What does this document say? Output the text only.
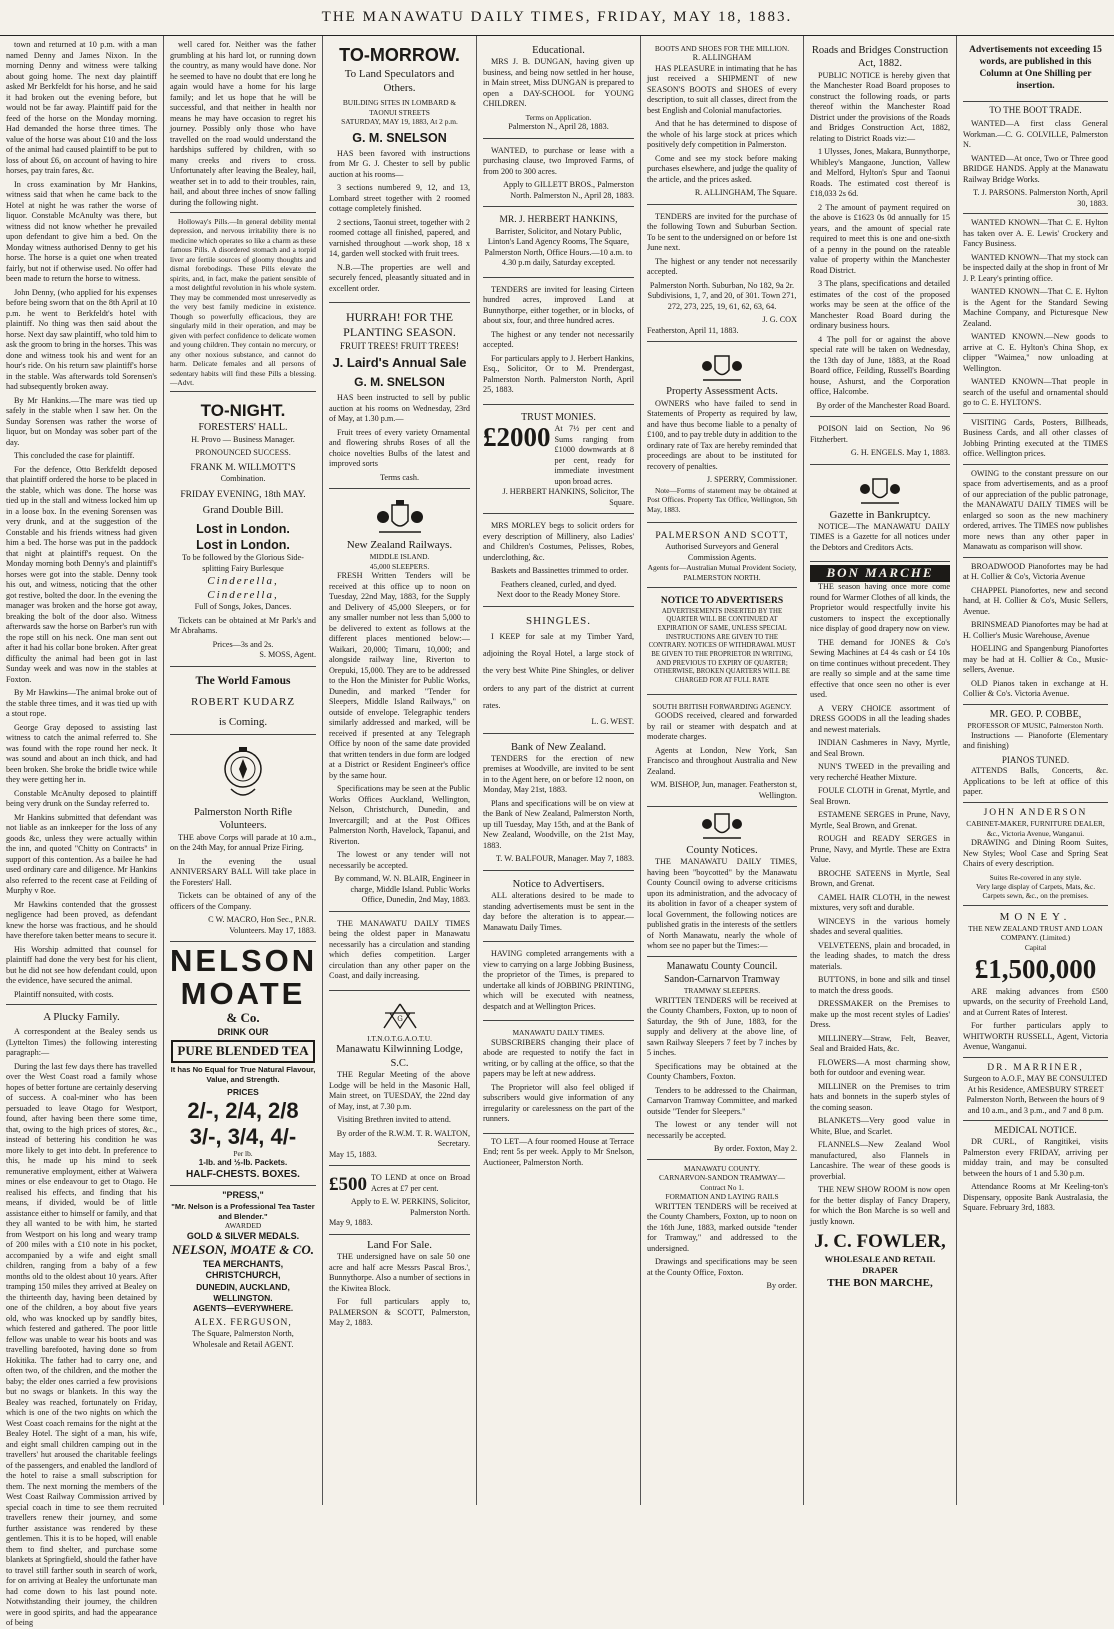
THE MANAWATU DAILY TIMES, FRIDAY, MAY 18, 1883.

town and returned at 10 p.m. with a man named Denny and James Nixon. In the morning Denny and witness were talking about going home. The next day plaintiff asked Mr Berkfeldt for his horse, and he said it had broken out the evening before, but would not be far away. Plaintiff paid for the feed of the horse on the Monday morning. Had demanded the horse three times. The value of the horse was about £10 and the loss of the animal had caused plaintiff to be put to loss of about £6, on account of having to hire horses, pay train fares, &c.

In cross examination by Mr Hankins, witness said that when he came back to the Hotel at night he was rather the worse of liquor. Constable McAnulty was there, but witness did not know whether he prevailed upon defendant to give him a bed. On the Monday witness authorised Denny to get his horse. The horse is a quiet one when treated fairly, but not if otherwise used. No offer had been made to return the horse to witness.

John Denny, (who applied for his expenses before being sworn that on the 8th April at 10 p.m. he went to Berkfeldt's hotel with plaintiff. No thing was then said about the horse. Next day saw plaintiff, who told him to ask the groom to bring in the horses. This was done and witness took his and went for an hour's ride. On his return saw plaintiff's horse in the stable. Was afterwards told Sorensen's had subsequently broken away.

By Mr Hankins.—The mare was tied up safely in the stable when I saw her. On the Sunday Sorensen was rather the worse of liquor, but on Monday was sober part of the day.

This concluded the case for plaintiff.

For the defence, Otto Berkfeldt deposed that plaintiff ordered the horse to be placed in the stable, which was done. The horse was tied up in the stall and witness locked him up in a loose box. In the evening Sorensen was very drunk, and at the suggestion of the Constable and his friends witness had given him a bed. The horse was put in the paddock that night at plaintiff's request. On the Monday morning both Denny's and plaintiff's horses were got into the stable. Denny took his out, and witness, noticing that the other got restive, bolted the door. In the evening the manager was broken and the horse got away, breaking the bolt of the door also. Witness afterwards saw the horse on Barber's run with the rope still on his neck. One man sent out after it had his collar bone broken. After great difficulty the animal had been got in last Sunday week and was now in the stables at Foxton.

By Mr Hawkins—The animal broke out of the stable three times, and it was tied up with a stout rope.

George Gray deposed to assisting last witness to catch the animal referred to. She was found with the rope round her neck. It was sound and about an inch thick, and had been broken. She broke the bridle twice while they were getting her in.

Constable McAnulty deposed to plaintiff being very drunk on the Sunday referred to.

Mr Hankins submitted that defendant was not liable as an innkeeper for the loss of any goods &c, unless they were actually within the inn, and quoted "Chitty on Contracts" in support of this contention. As a bailee he had used ordinary care and diligence. Mr Hankins also referred to the recent case at Feilding of Murphy v Roe.

Mr Hawkins contended that the grossest negligence had been proved, as defendant knew the horse was fractious, and he should have therefore taken better means to secure it.

His Worship admitted that counsel for plaintiff had done the very best for his client, but he did not see how defendant could, upon the evidence, have secured the animal.

Plaintiff nonsuited, with costs.

A Plucky Family.

A correspondent at the Bealey sends us (Lyttelton Times) the following interesting paragraph:—

During the last few days there has travelled over the West Coast road a family whose hopes of better fortune are certainly deserving of success. A coal-miner who has been persuaded to leave Otago for Westport, found, after having been there some time, that, owing to the high prices of stores, &c., instead of bettering his condition he was more likely to get into debt. In preference to this, he made up his mind to seek remunerative employment, either at Waiwera mines or else endeavour to get to Otago. He realised his effects, and finding that his means, if divided, would be of little assistance either to himself or family, and that they all wanted to be with him, he started from Westport on his long and weary tramp of 200 miles with a £10 note in his pocket, accompanied by a wife and eight small children, ranging from a baby of a few months old to the oldest about 10 years. After tramping 150 miles they arrived at Bealey on the thirteenth day, having been detained by one of the children, a boy about five years old, who was knocked up by sandfly bites, which festered and gathered. The poor little fellow was unable to wear his boots and was travelling barefooted, having done so from Hokitika. The father had to carry one, and often two, of the children, and the mother the baby; the elder ones carried a few provisions but no swags or blankets. In this way the Bealey was reached, fortunately on Friday, which is one of the two nights on which the West Coast coach remains for the night at the Bealey Hotel. The sight of a man, his wife, and eight small children camping out in the travellers' hut aroused the charitable feelings of the passengers, and enabled the landlord of the hotel to raise a small subscription for them. The next morning the members of the West Coast Railway Commission arrived by special coach in time to see them recruited travellers renew their journey, and some further assistance was rendered by these gentlemen. This it is to be hoped, will enable them to find shelter, and purchase some blankets at Springfield, should the father have to travel still farther south in search of work, for on arriving at Bealey the unfortunate man had come down to his last pound note. Notwithstanding their journey, the children were in good spirits, and had the appearance of being

well cared for. Neither was the father grumbling at his hard lot, or running down the country, as many would have done. Nor he seemed to have no doubt that ere long he again would have a home for his large family; and let us hope that he will be successful, and that neither in health nor means he may have occasion to regret his journey. Possibly only those who have travelled on the road would understand the hardships suffered by children, with so many creeks and rivers to cross. Unfortunately after leaving the Bealey, hail, weather set in to add to their troubles, rain, hail, and about three inches of snow falling during the following night.

Holloway's Pills.—In general debility mental depression, and nervous irritability there is no medicine which operates so like a charm as these famous Pills. A disordered stomach and a torpid liver are fertile sources of gloomy thoughts and dismal forebodings. These Pills elevate the spirits, and, in fact, make the patient sensible of a most delightful revolution in his whole system. They may be commended most unreservedly as the very best family medicine in existence. Though so powerfully efficacious, they are singularly mild in their operation, and may be given with perfect confidence to delicate women and young children. They contain no mercury, or any other noxious substance, and cannot do harm. Delicate females and all persons of sedentary habits will find these Pills a blessing.—Advt.

TO-NIGHT.
FORESTERS' HALL.
H. Provo — Business Manager.
PRONOUNCED SUCCESS.
FRANK M. WILLMOTT'S
Combination.
FRIDAY EVENING, 18th MAY.
Grand Double Bill.
Lost in London.
Lost in London.
To be followed by the Glorious Side-splitting Fairy Burlesque
Cinderella,
Cinderella,
Full of Songs, Jokes, Dances.

Tickets can be obtained at Mr Park's and Mr Abrahams.

Prices—3s and 2s.
S. MOSS, Agent.
The World Famous
ROBERT KUDARZ
is Coming.
Palmerston North Rifle Volunteers.

THE above Corps will parade at 10 a.m., on the 24th May, for annual Prize Firing.

In the evening the usual ANNIVERSARY BALL Will take place in the Foresters' Hall.

Tickets can be obtained of any of the officers of the Company.

C W. MACRO, Hon Sec., P.N.R. Volunteers. May 17, 1883.
NELSON
MOATE
& Co.
DRINK OUR
PURE BLENDED TEA
It has No Equal for True Natural Flavour, Value, and Strength.
PRICES
2/-, 2/4, 2/8
3/-, 3/4, 4/-
Per lb.
1-lb. and ½-lb. Packets.
HALF-CHESTS. BOXES.
"PRESS,"
"Mr. Nelson is a Professional Tea Taster and Blender."
AWARDED
GOLD & SILVER MEDALS.
NELSON, MOATE & CO.
TEA MERCHANTS,
CHRISTCHURCH,
DUNEDIN, AUCKLAND, WELLINGTON.
AGENTS—EVERYWHERE.
ALEX. FERGUSON,
The Square, Palmerston North,
Wholesale and Retail AGENT.
TO-MORROW.
To Land Speculators and Others.
BUILDING SITES IN LOMBARD & TAONUI STREETS
SATURDAY, MAY 19, 1883, At 2 p.m.
G. M. SNELSON

HAS been favored with instructions from Mr G. J. Chester to sell by public auction at his rooms—

3 sections numbered 9, 12, and 13, Lombard street together with 2 roomed cottage completely finished.

2 sections, Taonui street, together with 2 roomed cottage all finished, papered, and varnished throughout —work shop, 18 x 14, garden well stocked with fruit trees.

N.B.—The properties are well and securely fenced, pleasantly situated and in excellent order.

HURRAH! FOR THE PLANTING SEASON.
FRUIT TREES! FRUIT TREES!
J. Laird's Annual Sale
G. M. SNELSON

HAS been instructed to sell by public auction at his rooms on Wednesday, 23rd of May, at 1.30 p.m.—

Fruit trees of every variety Ornamental and flowering shrubs Roses of all the choice novelties Bulbs of the latest and improved sorts

Terms cash.
New Zealand Railways.
MIDDLE ISLAND.
45,000 SLEEPERS.

FRESH Written Tenders will be received at this office up to noon on Tuesday, 22nd May, 1883, for the Supply and Delivery of 45,000 Sleepers, or for any smaller number not less than 5,000 to be delivered to extent as follows at the different places mentioned below:—Waikari, 20,000; Timaru, 10,000; and alongside railway line, Riverton to Orepuki, 15,000. They are to be addressed to the Hon the Minister for Public Works, Dunedin, and marked "Tender for Sleepers, Middle Island Railways," on outside of envelope. Telegraphic tenders similarly addressed and marked, will be received if presented at any Telegraph Office by noon of the same date provided that written tenders in due form are lodged at a District or Resident Engineer's office by the same hour.

Specifications may be seen at the Public Works Offices Auckland, Wellington, Nelson, Christchurch, Dunedin, and Invercargill; and at the Post Offices Palmerston North, Havelock, Tapanui, and Riverton.

The lowest or any tender will not necessarily be accepted.

By command, W. N. BLAIR, Engineer in charge, Middle Island. Public Works Office, Dunedin, 2nd May, 1883.

THE MANAWATU DAILY TIMES being the oldest paper in Manawatu necessarily has a circulation and standing which defies competition. Larger circulation than any other paper on the Coast, and daily increasing.

G
I.T.N.O.T.G.A.O.T.U.
Manawatu Kilwinning Lodge, S.C.

THE Regular Meeting of the above Lodge will be held in the Masonic Hall, Main street, on TUESDAY, the 22nd day of May, inst, at 7.30 p.m.

Visiting Brethren invited to attend.

By order of the R.W.M. T. R. WALTON, Secretary.
May 15, 1883.
£500 TO LEND at once on Broad Acres at £7 per cent.
Apply to E. W. PERKINS, Solicitor, Palmerston North.
May 9, 1883.
Land For Sale.

THE undersigned have on sale 50 one acre and half acre Messrs Pascal Bros.', Bunnythorpe. Also a number of sections in the Kiwitea Block.

For full particulars apply to, PALMERSON & SCOTT, Palmerston, May 2, 1883.

Educational.

MRS J. B. DUNGAN, having given up business, and being now settled in her house, in Main street, Miss DUNGAN is prepared to open a DAY-SCHOOL for YOUNG CHILDREN.

Terms on Application.
Palmerston N., April 28, 1883.

WANTED, to purchase or lease with a purchasing clause, two Improved Farms, of from 200 to 300 acres.

Apply to GILLETT BROS., Palmerston North. Palmerston N., April 28, 1883.
MR. J. HERBERT HANKINS,

Barrister, Solicitor, and Notary Public, Linton's Land Agency Rooms, The Square, Palmerston North, Office Hours.—10 a.m. to 4.30 p.m daily, Saturday excepted.

TENDERS are invited for leasing Cirteen hundred acres, improved Land at Bunnythorpe, either together, or in blocks, of about six, four, and three hundred acres.

The highest or any tender not necessarily accepted.

For particulars apply to J. Herbert Hankins, Esq., Solicitor, Or to M. Prendergast, Palmerston North. Palmerston North, April 25, 1883.

TRUST MONIES.
£2000 At 7½ per cent and Sums ranging from £1000 downwards at 8 per cent, ready for immediate investment upon broad acres.
J. HERBERT HANKINS, Solicitor, The Square.

MRS MORLEY begs to solicit orders for every description of Millinery, also Ladies' and Children's Costumes, Pelisses, Robes, underclothing, &c.

Baskets and Bassinettes trimmed to order.

Feathers cleaned, curled, and dyed.
Next door to the Ready Money Store.
SHINGLES.

I KEEP for sale at my Timber Yard, adjoining the Royal Hotel, a large stock of the very best White Pine Shingles, or deliver orders to any part of the district at current rates.

L. G. WEST.
Bank of New Zealand.

TENDERS for the erection of new premises at Woodville, are invited to be sent in to the Agent here, on or before 12 noon, on Monday, May 21st, 1883.

Plans and specifications will be on view at the Bank of New Zealand, Palmerston North, up till Tuesday, May 15th, and at the Bank of New Zealand, Woodville, on the 21st May, 1883.

T. W. BALFOUR, Manager. May 7, 1883.
Notice to Advertisers.

ALL alterations desired to be made to standing advertisements must be sent in the day before the alteration is to appear.—Manawatu Daily Times.

HAVING completed arrangements with a view to carrying on a large Jobbing Business, the proprietor of the Times, is prepared to undertake all kinds of JOBBING PRINTING, which will be executed with neatness, despatch and at Wellington Prices.

MANAWATU DAILY TIMES.

SUBSCRIBERS changing their place of abode are requested to notify the fact in writing, or by calling at the office, so that the papers may be left at new address.

The Proprietor will also feel obliged if subscribers would give information of any irregularity or carelessness on the part of the runners.

TO LET—A four roomed House at Terrace End; rent 5s per week. Apply to Mr Snelson, Auctioneer, Palmerston North.

BOOTS AND SHOES FOR THE MILLION.
R. ALLINGHAM

HAS PLEASURE in intimating that he has just received a SHIPMENT of new SEASON'S BOOTS and SHOES of every description, to suit all classes, direct from the best English and Colonial manufactories.

And that he has determined to dispose of the whole of his large stock at prices which positively defy competition in Palmerston.

Come and see my stock before making purchases elsewhere, and judge the quality of the article, and the prices asked.

R. ALLINGHAM, The Square.

TENDERS are invited for the purchase of the following Town and Suburban Section. To be sent to the undersigned on or before 1st June next.

The highest or any tender not necessarily accepted.

Palmerston North. Suburban, No 182, 9a 2r. Subdivisions, 1, 7, and 20, of 301. Town 271, 272, 273, 225, 19, 61, 62, 63, 64.

J. G. COX
Featherston, April 11, 1883.
Property Assessment Acts.

OWNERS who have failed to send in Statements of Property as required by law, and have thus become liable to a penalty of £100, and to pay treble duty in addition to the ordinary rate of Tax are hereby reminded that proceedings are about to be instituted for recovery of penalties.

J. SPERRY, Commissioner.

Note—Forms of statement may be obtained at Post Offices. Property Tax Office, Wellington, 5th May, 1883.

PALMERSON AND SCOTT,
Authorised Surveyors and General Commission Agents.
Agents for—Australian Mutual Provident Society, PALMERSTON NORTH.
NOTICE TO ADVERTISERS

ADVERTISEMENTS INSERTED BY THE QUARTER WILL BE CONTINUED AT EXPIRATION OF SAME, UNLESS SPECIAL INSTRUCTIONS ARE GIVEN TO THE CONTRARY. NOTICES OF WITHDRAWAL MUST BE GIVEN TO THE PROPRIETOR IN WRITING, AND PREVIOUS TO EXPIRY OF QUARTER; OTHERWISE, BROKEN QUARTERS WILL BE CHARGED FOR AT FULL RATE

SOUTH BRITISH FORWARDING AGENCY.

GOODS received, cleared and forwarded by rail or steamer with despatch and at moderate charges.

Agents at London, New York, San Francisco and throughout Australia and New Zealand.

WM. BISHOP, Jun, manager. Featherston st, Wellington.
County Notices.

THE MANAWATU DAILY TIMES, having been "boycotted" by the Manawatu County Council owing to adverse criticisms upon its administration, and the advocacy of its abolition in favor of a cheaper system of local Government, the following notices are published gratis in the interests of the settlers of North Manawatu, nearly the whole of whom see no paper but the Times:—

Manawatu County Council.
Sandon-Carnarvon Tramway
TRAMWAY SLEEPERS.

WRITTEN TENDERS will be received at the County Chambers, Foxton, up to noon of Saturday, the 9th of June, 1883, for the supply and delivery at the above line, of sawn Railway Sleepers 7 feet by 7 inches by 5 inches.

Specifications may be obtained at the County Chambers, Foxton.

Tenders to be addressed to the Chairman, Carnarvon Tramway Committee, and marked outside "Tender for Sleepers."

The lowest or any tender will not necessarily be accepted.

By order. Foxton, May 2.
MANAWATU COUNTY.
CARNARVON-SANDON TRAMWAY—Contract No 1.
FORMATION AND LAYING RAILS

WRITTEN TENDERS will be received at the County Chambers, Foxton, up to noon on the 16th June, 1883, marked outside "tender for Tramway," and addressed to the undersigned.

Drawings and specifications may be seen at the County Office, Foxton.

By order.
Roads and Bridges Construction Act, 1882.

PUBLIC NOTICE is hereby given that the Manchester Road Board proposes to construct the following roads, or parts thereof within the Manchester Road District under the provisions of the Roads and Bridges Construction Act, 1882, relating to District Roads viz:—

1 Ulysses, Jones, Makara, Bunnythorpe, Whibley's Mangaone, Junction, Vallew and Melford, Hylton's Spur and Taonui Roads. The estimated cost thereof is £18,033 2s 6d.

2 The amount of payment required on the above is £1623 0s 0d annually for 15 years, and the amount of special rate required to meet this is one and one-sixth of a penny in the pound on the rateable value of property within the Manchester Road District.

3 The plans, specifications and detailed estimates of the cost of the proposed works may be seen at the office of the Manchester Road Board during the ordinary business hours.

4 The poll for or against the above special rate will be taken on Wednesday, the 13th day of June, 1883, at the Road Board office, Feilding, Russell's Boarding house, Ashurst, and the Corporation office, Halcombe.

By order of the Manchester Road Board.

POISON laid on Section, No 96 Fitzherbert.

G. H. ENGELS. May 1, 1883.
Gazette in Bankruptcy.

NOTICE—The MANAWATU DAILY TIMES is a Gazette for all notices under the Debtors and Creditors Acts.

BON MARCHE

THE season having once more come round for Warmer Clothes of all kinds, the Proprietor would respectfully invite his customers to inspect the exceptionally nice display of good drapery now on view.

THE demand for JONES & Co's Sewing Machines at £4 4s cash or £4 10s on time continues without precedent. They are really so simple and at the same time effective that once seen no other is ever used.

A VERY CHOICE assortment of DRESS GOODS in all the leading shades and newest materials.

INDIAN Cashmeres in Navy, Myrtle, and Seal Brown.

NUN'S TWEED in the prevailing and very recherché Heather Mixture.

FOULE CLOTH in Grenat, Myrtle, and Seal Brown.

ESTAMENE SERGES in Prune, Navy, Myrtle, Seal Brown, and Grenat.

ROUGH and READY SERGES in Prune, Navy, and Myrtle. These are Extra Value.

BROCHE SATEENS in Myrtle, Seal Brown, and Grenat.

CAMEL HAIR CLOTH, in the newest mixtures, very soft and durable.

WINCEYS in the various homely shades and several qualities.

VELVETEENS, plain and brocaded, in the leading shades, to match the dress materials.

BUTTONS, in bone and silk and tinsel to match the dress goods.

DRESSMAKER on the Premises to make up the most recent styles of Ladies' Dress.

MILLINERY—Straw, Felt, Beaver, Seal and Braided Hats, &c.

FLOWERS—A most charming show, both for outdoor and evening wear.

MILLINER on the Premises to trim hats and bonnets in the superb styles of the coming season.

BLANKETS—Very good value in White, Blue, and Scarlet.

FLANNELS—New Zealand Wool manufactured, also Flannels in Lancashire. The wear of these goods is proverbial.

THE NEW SHOW ROOM is now open for the better display of Fancy Drapery, for which the Bon Marche is so well and justly known.

J. C. FOWLER,
WHOLESALE AND RETAIL DRAPER
THE BON MARCHE,

Advertisements not exceeding 15 words, are published in this Column at One Shilling per insertion.

TO THE BOOT TRADE.

WANTED—A first class General Workman.—C. G. COLVILLE, Palmerston N.

WANTED—At once, Two or Three good BRIDGE HANDS. Apply at the Manawatu Railway Bridge Works.

T. J. PARSONS. Palmerston North, April 30, 1883.

WANTED KNOWN—That C. E. Hylton has taken over A. E. Lewis' Crockery and Fancy Business.

WANTED KNOWN—That my stock can be inspected daily at the shop in front of Mr J. P. Leary's printing office.

WANTED KNOWN—That C. E. Hylton is the Agent for the Standard Sewing Machine Company, and Picturesque New Zealand.

WANTED KNOWN.—New goods to arrive at C. E. Hylton's China Shop, ex clipper "Waimea," now unloading at Wellington.

WANTED KNOWN—That people in search of the useful and ornamental should go to C. E. HYLTON'S.

VISITING Cards, Posters, Billheads, Business Cards, and all other classes of Jobbing Printing executed at the TIMES office. Wellington prices.

OWING to the constant pressure on our space from advertisements, and as a proof of our appreciation of the public patronage, the MANAWATU DAILY TIMES will be enlarged so soon as the new machinery ordered, arrives. The TIMES now publishes more news than any other paper in Manawatu as comparison will show.

BROADWOOD Pianofortes may be had at H. Collier & Co's, Victoria Avenue

CHAPPEL Pianofortes, new and second hand, at H. Collier & Co's, Music Sellers, Avenue.

BRINSMEAD Pianofortes may be had at H. Collier's Music Warehouse, Avenue

HOELING and Spangenburg Pianofortes may be had at H. Collier & Co., Music-sellers, Avenue.

OLD Pianos taken in exchange at H. Collier & Co's. Victoria Avenue.

MR. GEO. P. COBBE,
PROFESSOR OF MUSIC, Palmerston North.

Instructions — Pianoforte (Elementary and finishing)

PIANOS TUNED.

ATTENDS Balls, Concerts, &c. Applications to be left at office of this paper.

JOHN ANDERSON
CABINET-MAKER, FURNITURE DEALER, &c., Victoria Avenue, Wanganui.

DRAWING and Dining Room Suites, New Styles; Wool Case and Spring Seat Chairs of every description.

Suites Re-covered in any style.
Very large display of Carpets, Mats, &c.
Carpets sewn, &c., on the premises.
MONEY.
THE NEW ZEALAND TRUST AND LOAN COMPANY. (Limited.)
Capital
£1,500,000

ARE making advances from £500 upwards, on the security of Freehold Land, and at Current Rates of Interest.

For further particulars apply to WHITWORTH RUSSELL, Agent, Victoria Avenue, Wanganui.

DR. MARRINER,

Surgeon to A.O.F., MAY BE CONSULTED At his Residence, AMESBURY STREET Palmerston North, Between the hours of 9 and 10 a.m., and 3 p.m., and 7 and 8 p.m.

MEDICAL NOTICE.

DR CURL, of Rangitikei, visits Palmerston every FRIDAY, arriving per midday train, and may be consulted between the hours of 1 and 5.30 p.m.

Attendance Rooms at Mr Keeling-ton's Dispensary, opposite Bank Australasia, the Square. February 3rd, 1883.
